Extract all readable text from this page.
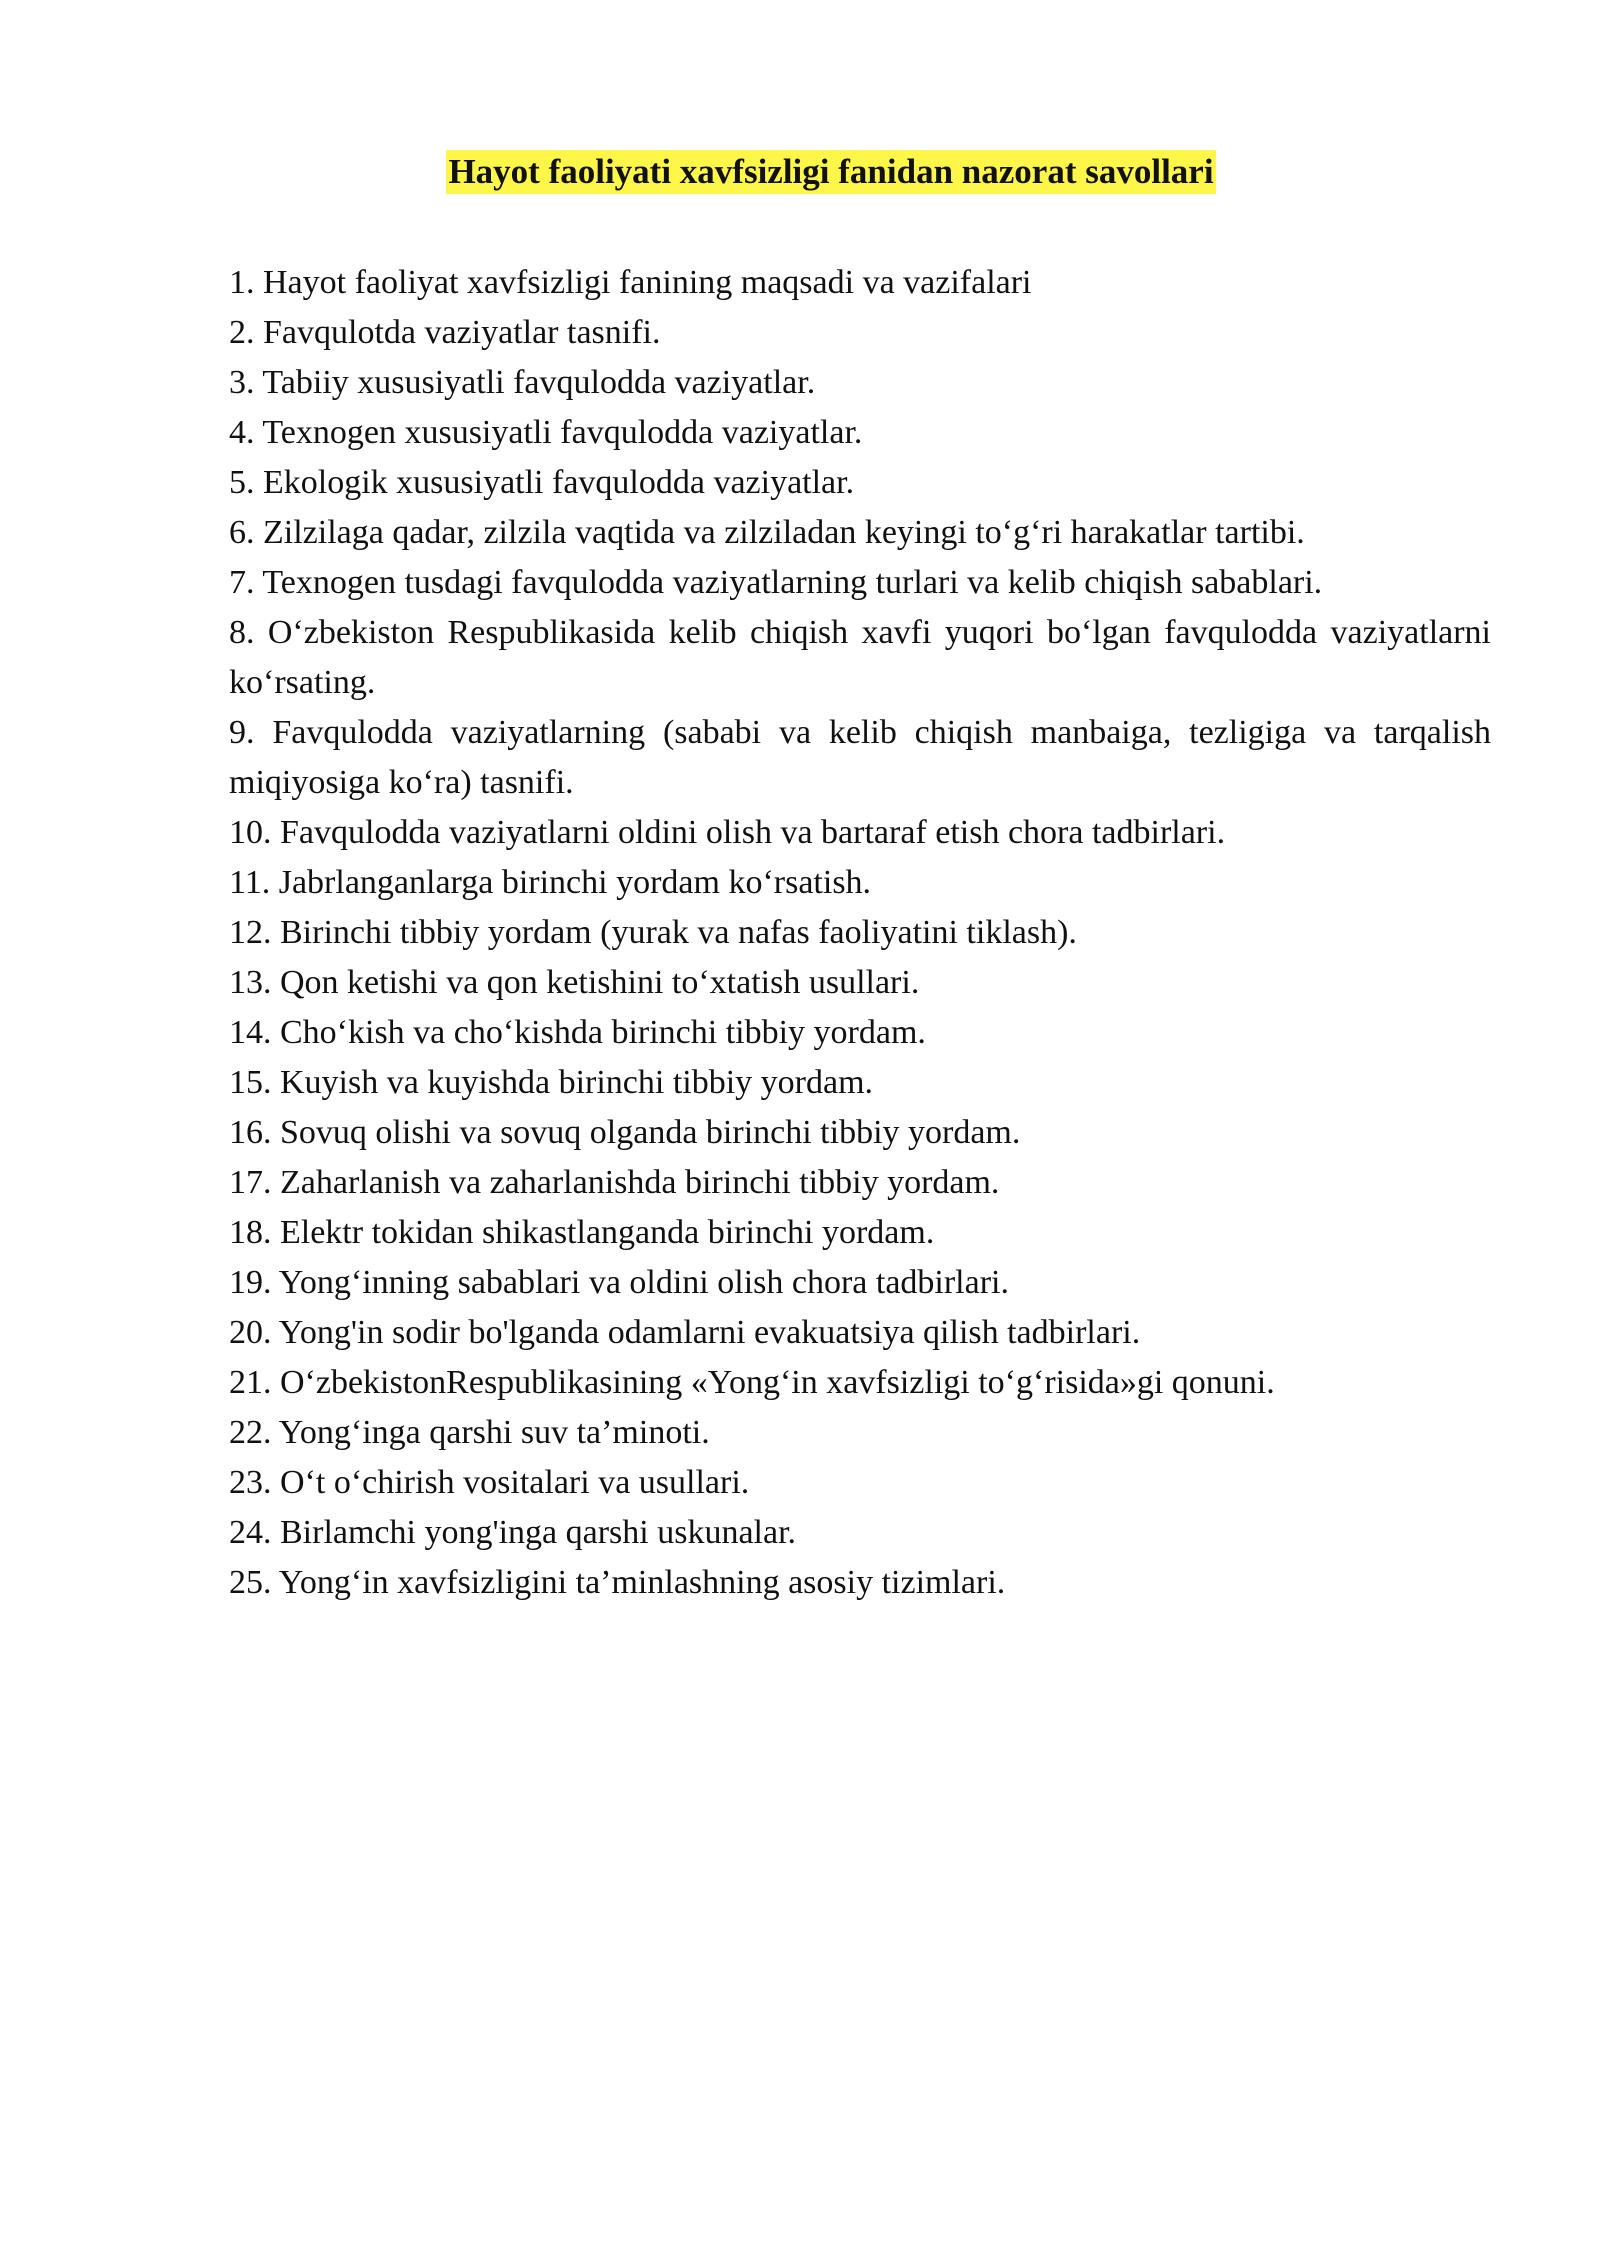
Hayot faoliyati xavfsizligi fanidan nazorat savollari
1. Hayot faoliyat xavfsizligi fanining maqsadi va vazifalari
2. Favqulotda vaziyatlar tasnifi.
3. Tabiiy xususiyatli favqulodda vaziyatlar.
4. Texnogen xususiyatli favqulodda vaziyatlar.
5. Ekologik xususiyatli favqulodda vaziyatlar.
6. Zilzilaga qadar, zilzila vaqtida va zilziladan keyingi to‘g‘ri harakatlar tartibi.
7. Texnogen tusdagi favqulodda vaziyatlarning turlari va kelib chiqish sabablari.
8. O‘zbekiston Respublikasida kelib chiqish xavfi yuqori bo‘lgan favqulodda vaziyatlarni ko‘rsating.
9. Favqulodda vaziyatlarning (sababi va kelib chiqish manbaiga, tezligiga va tarqalish miqiyosiga ko‘ra) tasnifi.
10. Favqulodda vaziyatlarni oldini olish va bartaraf etish chora tadbirlari.
11. Jabrlanganlarga birinchi yordam ko‘rsatish.
12. Birinchi tibbiy yordam (yurak va nafas faoliyatini tiklash).
13. Qon ketishi va qon ketishini to‘xtatish usullari.
14. Cho‘kish va cho‘kishda birinchi tibbiy yordam.
15. Kuyish va kuyishda birinchi tibbiy yordam.
16. Sovuq olishi va sovuq olganda birinchi tibbiy yordam.
17. Zaharlanish va zaharlanishda birinchi tibbiy yordam.
18. Elektr tokidan shikastlanganda birinchi yordam.
19. Yong‘inning sabablari va oldini olish chora tadbirlari.
20. Yong'in sodir bo'lganda odamlarni evakuatsiya qilish tadbirlari.
21. O‘zbekistonRespublikasining «Yong‘in xavfsizligi to‘g‘risida»gi qonuni.
22. Yong‘inga qarshi suv ta’minoti.
23. O‘t o‘chirish vositalari va usullari.
24. Birlamchi yong'inga qarshi uskunalar.
25. Yong‘in xavfsizligini ta’minlashning asosiy tizimlari.
